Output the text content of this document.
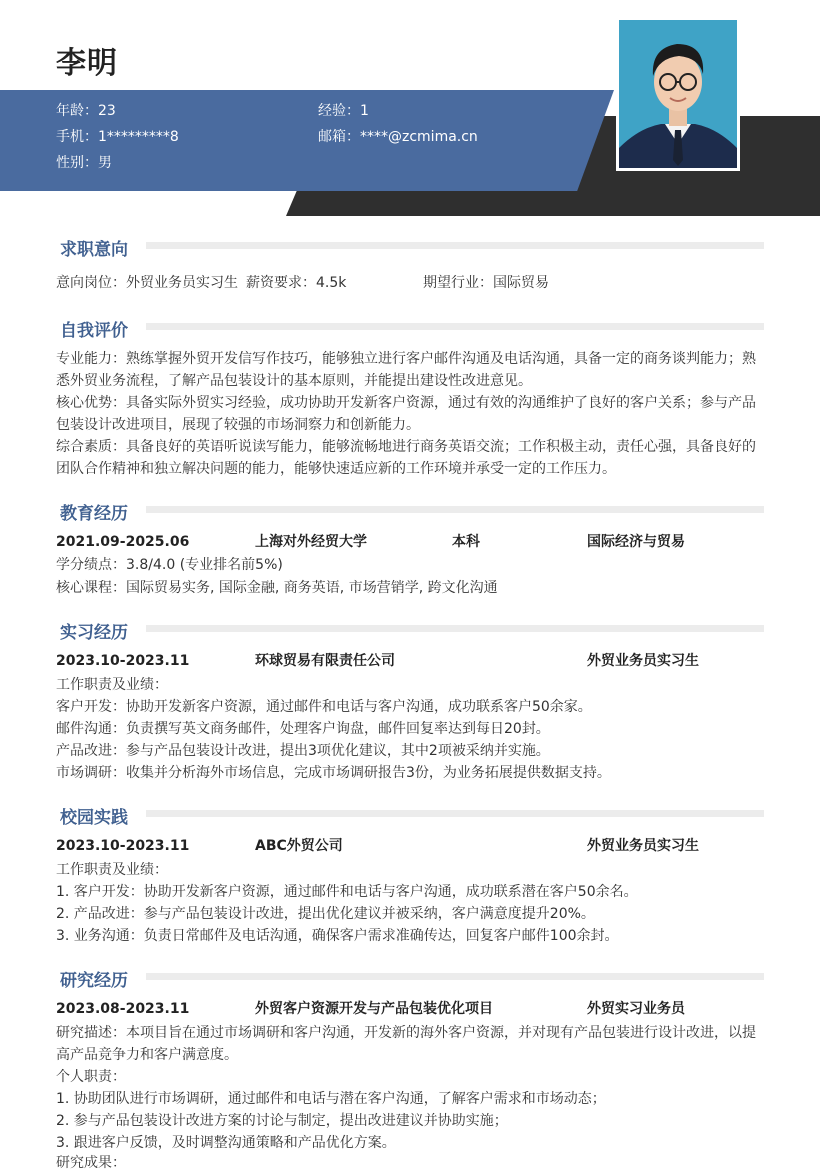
李明
年龄：23	经验：1
手机：1*********8	邮箱：****@zcmima.cn
性别：男
求职意向
意向岗位：外贸业务员实习生 薪资要求：4.5k	期望行业：国际贸易
自我评价
专业能力：熟练掌握外贸开发信写作技巧，能够独立进行客户邮件沟通及电话沟通，具备一定的商务谈判能力；熟悉外贸业务流程，了解产品包装设计的基本原则，并能提出建设性改进意见。
核心优势：具备实际外贸实习经验，成功协助开发新客户资源，通过有效的沟通维护了良好的客户关系；参与产品包装设计改进项目，展现了较强的市场洞察力和创新能力。
综合素质：具备良好的英语听说读写能力，能够流畅地进行商务英语交流；工作积极主动，责任心强，具备良好的团队合作精神和独立解决问题的能力，能够快速适应新的工作环境并承受一定的工作压力。
教育经历
2021.09-2025.06	上海对外经贸大学	本科	国际经济与贸易
学分绩点：3.8/4.0 (专业排名前5%)
核心课程：国际贸易实务, 国际金融, 商务英语, 市场营销学, 跨文化沟通
实习经历
2023.10-2023.11	环球贸易有限责任公司	外贸业务员实习生
工作职责及业绩：
客户开发：协助开发新客户资源，通过邮件和电话与客户沟通，成功联系客户50余家。
邮件沟通：负责撰写英文商务邮件，处理客户询盘，邮件回复率达到每日20封。
产品改进：参与产品包装设计改进，提出3项优化建议，其中2项被采纳并实施。
市场调研：收集并分析海外市场信息，完成市场调研报告3份，为业务拓展提供数据支持。
校园实践
2023.10-2023.11	ABC外贸公司	外贸业务员实习生
工作职责及业绩：
1. 客户开发：协助开发新客户资源，通过邮件和电话与客户沟通，成功联系潜在客户50余名。
2. 产品改进：参与产品包装设计改进，提出优化建议并被采纳，客户满意度提升20%。
3. 业务沟通：负责日常邮件及电话沟通，确保客户需求准确传达，回复客户邮件100余封。
研究经历
2023.08-2023.11	外贸客户资源开发与产品包装优化项目	外贸实习业务员
研究描述：本项目旨在通过市场调研和客户沟通，开发新的海外客户资源，并对现有产品包装进行设计改进，以提高产品竞争力和客户满意度。
个人职责：
1. 协助团队进行市场调研，通过邮件和电话与潜在客户沟通，了解客户需求和市场动态；
2. 参与产品包装设计改进方案的讨论与制定，提出改进建议并协助实施；
3. 跟进客户反馈，及时调整沟通策略和产品优化方案。
研究成果：
